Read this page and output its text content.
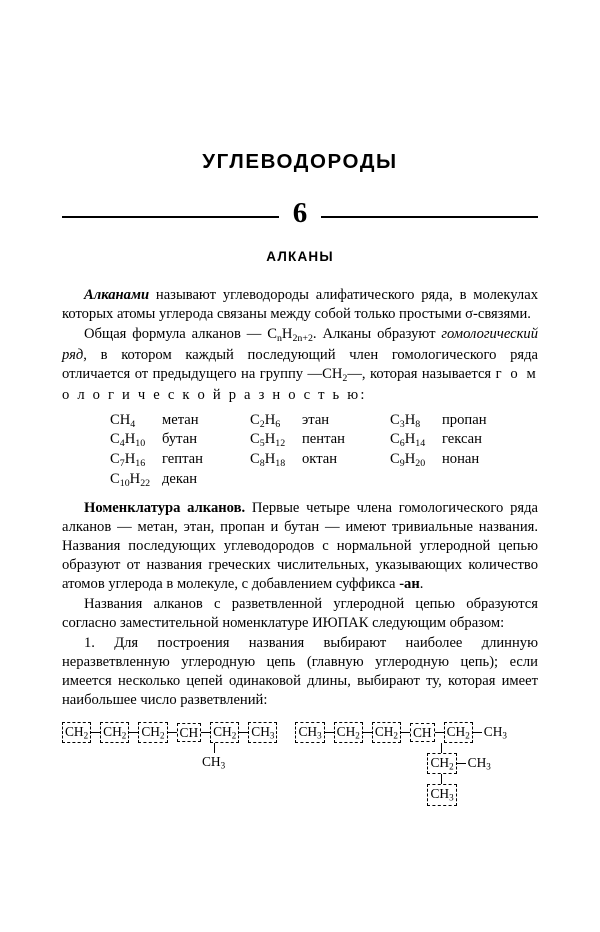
УГЛЕВОДОРОДЫ
6
АЛКАНЫ

Алканами называют углеводороды алифатического ряда, в молекулах которых атомы углерода связаны между собой только простыми σ-связями.

Общая формула алканов — $С_nН_{2n+2}$. Алканы образуют гомологический ряд, в котором каждый последующий член гомологического ряда отличается от предыдущего на группу $—СН_2—$, которая называется г о м о л о г и ч е с к о й р а з н о с т ь ю:

$СН_4$	метан	$С_2Н_6$	этан	$С_3Н_8$	пропан
$С_4Н_{10}$	бутан	$С_5Н_{12}$	пентан	$С_6Н_{14}$	гексан
$С_7Н_{16}$	гептан	$С_8Н_{18}$	октан	$С_9Н_{20}$	нонан
$С_{10}Н_{22}$	декан				

Номенклатура алканов. Первые четыре члена гомологического ряда алканов — метан, этан, пропан и бутан — имеют тривиальные названия. Названия последующих углеводородов с нормальной углеродной цепью образуют от названия греческих числительных, указывающих количество атомов углерода в молекуле, с добавлением суффикса -ан.

Названия алканов с разветвленной углеродной цепью образуются согласно заместительной номенклатуре ИЮПАК следующим образом:

1. Для построения названия выбирают наиболее длинную неразветвленную углеродную цепь (главную углеродную цепь); если имеется несколько цепей одинаковой длины, выбирают ту, которая имеет наибольшее число разветвлений:

$CH_2$ $CH_2$ $CH_2$ CH $CH_2$ $CH_3$
$CH_3$
$CH_3$ $CH_2$ $CH_2$ CH $CH_2$ $CH_3$
$CH_2$ $CH_3$
$CH_3$
